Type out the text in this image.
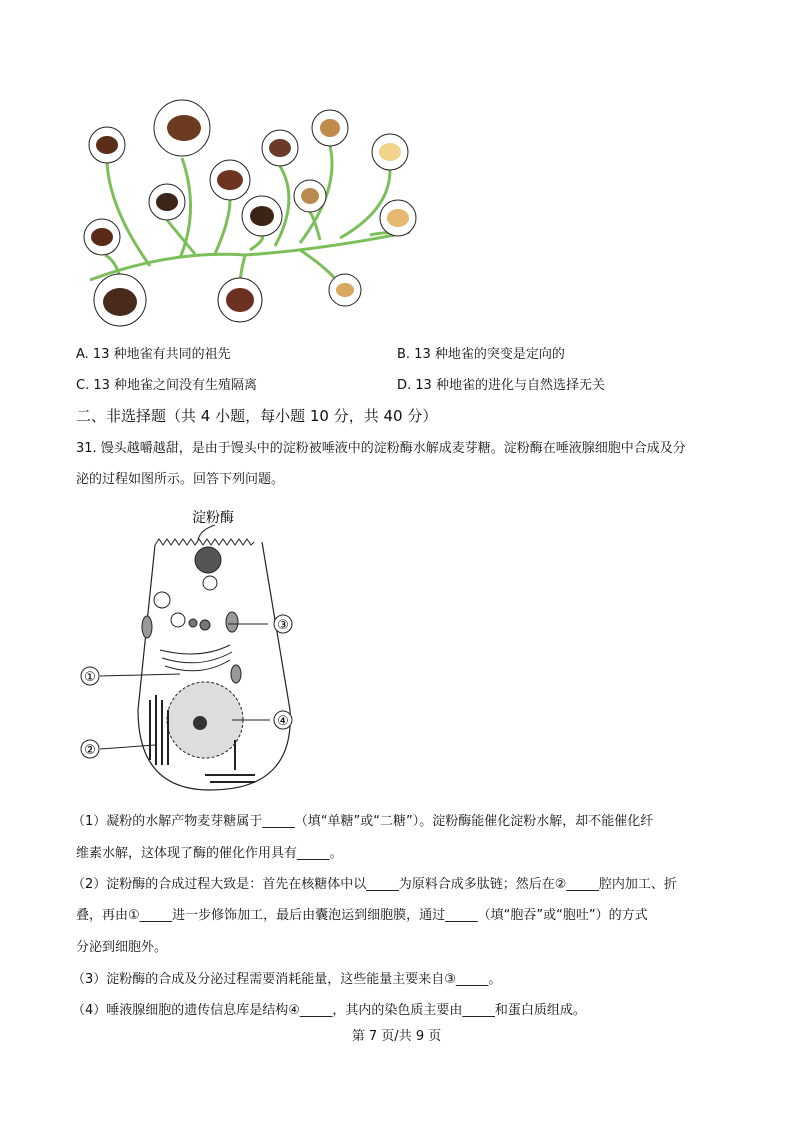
A. 13 种地雀有共同的祖先	B. 13 种地雀的突变是定向的
C. 13 种地雀之间没有生殖隔离	D. 13 种地雀的进化与自然选择无关
二、非选择题（共 4 小题，每小题 10 分，共 40 分）
31. 馒头越嚼越甜，是由于馒头中的淀粉被唾液中的淀粉酶水解成麦芽糖。淀粉酶在唾液腺细胞中合成及分
泌的过程如图所示。回答下列问题。
淀粉酶
③
①
④
②
（1）凝粉的水解产物麦芽糖属于_____（填“单糖”或“二糖”）。淀粉酶能催化淀粉水解，却不能催化纤
维素水解，这体现了酶的催化作用具有_____。
（2）淀粉酶的合成过程大致是：首先在核糖体中以_____为原料合成多肽链；然后在②_____腔内加工、折
叠，再由①_____进一步修饰加工，最后由囊泡运到细胞膜，通过_____（填“胞吞”或“胞吐”）的方式
分泌到细胞外。
（3）淀粉酶的合成及分泌过程需要消耗能量，这些能量主要来自③_____。
（4）唾液腺细胞的遗传信息库是结构④_____，其内的染色质主要由_____和蛋白质组成。
第 7 页/共 9 页
